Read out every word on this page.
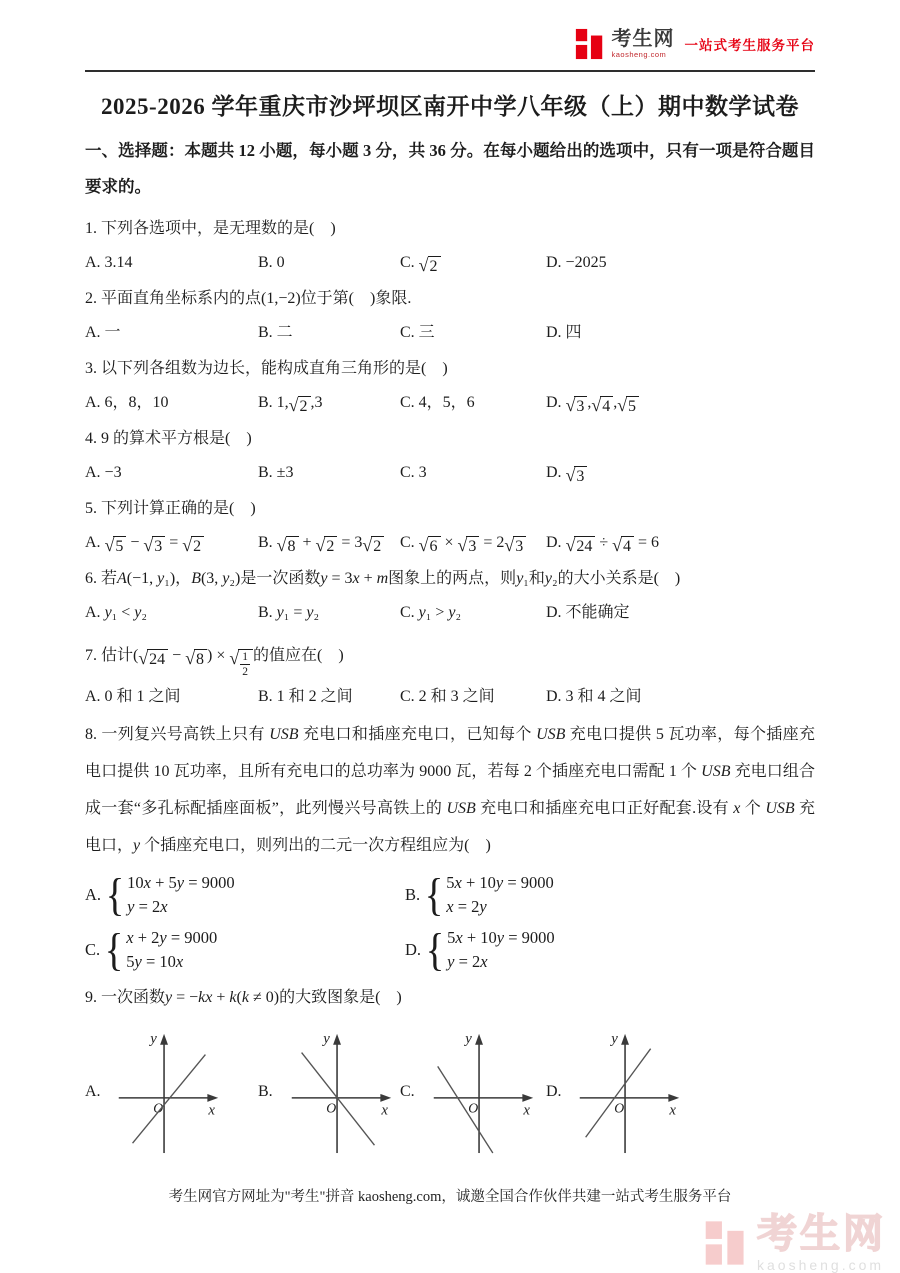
考生网
kaosheng.com
一站式考生服务平台
2025-2026 学年重庆市沙坪坝区南开中学八年级（上）期中数学试卷

一、选择题：本题共 12 小题，每小题 3 分，共 36 分。在每小题给出的选项中，只有一项是符合题目要求的。

1. 下列各选项中，是无理数的是(　)
A. 3.14	B. 0	C. √ 2	D. −2025
2. 平面直角坐标系内的点(1,−2)位于第(　)象限.
A. 一	B. 二	C. 三	D. 四
3. 以下列各组数为边长，能构成直角三角形的是(　)
A. 6，8，10	B. 1, √ 2 ,3	C. 4，5，6	D. √ 3 , √ 4 , √ 5
4. 9 的算术平方根是(　)
A. −3	B. ±3	C. 3	D. √ 3
5. 下列计算正确的是(　)
A. √ 5 − √ 3 = √ 2	B. √ 8 + √ 2 = 3 √ 2 C. √ 6 × √ 3 = 2 √ 3 D. √ 24 ÷ √ 4 = 6
6. 若A(−1, y₁)，B(3, y₂)是一次函数y = 3x + m图象上的两点，则y₁和y₂的大小关系是(　)
A. y₁ < y₂	B. y₁ = y₂	C. y₁ > y₂	D. 不能确定
7. 估计( √ 24 − √ 8 ) × √ $\frac{1}{2}$ 的值应在(　)
A. 0 和 1 之间	B. 1 和 2 之间	C. 2 和 3 之间	D. 3 和 4 之间
8. 一列复兴号高铁上只有 USB 充电口和插座充电口，已知每个 USB 充电口提供 5 瓦功率，每个插座充电口提供 10 瓦功率，且所有充电口的总功率为 9000 瓦，若每 2 个插座充电口需配 1 个 USB 充电口组合成一套“多孔标配插座面板”，此列慢兴号高铁上的 USB 充电口和插座充电口正好配套.设有 x 个 USB 充电口，y 个插座充电口，则列出的二元一次方程组应为(　)
A. { 10x + 5y = 9000
y = 2x
B. { 5x + 10y = 9000
x = 2y
C. { x + 2y = 9000
5y = 10x
D. { 5x + 10y = 9000
y = 2x
9. 一次函数y = −kx + k(k ≠ 0)的大致图象是(　)
A.
y
x
O
B.
y
x
O
C.
y
x
O
D.
y
x
O

考生网官方网址为"考生"拼音 kaosheng.com，诚邀全国合作伙伴共建一站式考生服务平台

考生网
kaosheng.com
